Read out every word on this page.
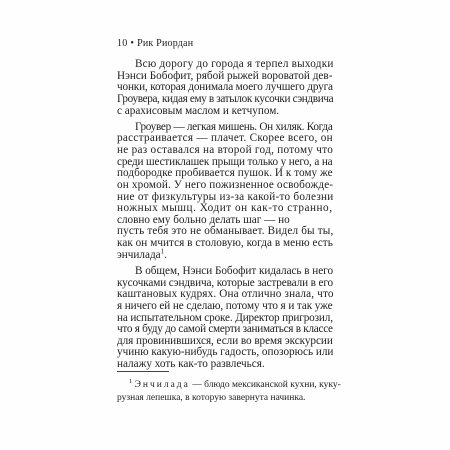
10 • Рик Риордан
Всю дорогу до города я терпел выходки
Нэнси Бобофит, рябой рыжей вороватой дев-
чонки, которая донимала моего лучшего друга
Гроувера, кидая ему в затылок кусочки сэндвича
с арахисовым маслом и кетчупом.
Гроувер — легкая мишень. Он хиляк. Когда
расстраивается — плачет. Скорее всего, он
не раз оставался на второй год, потому что
среди шестиклашек прыщи только у него, а на
подбородке пробивается пушок. И к тому же
он хромой. У него пожизненное освобожде-
ние от физкультуры из-за какой-то болезни
ножных мышц. Ходит он как-то странно,
словно ему больно делать шаг — но
пусть тебя это не обманывает. Видел бы ты,
как он мчится в столовую, когда в меню есть
энчилада$^1$.
В общем, Нэнси Бобофит кидалась в него
кусочками сэндвича, которые застревали в его
каштановых кудрях. Она отлично знала, что
я ничего ей не сделаю, потому что я и так уже
на испытательном сроке. Директор пригрозил,
что я буду до самой смерти заниматься в классе
для провинившихся, если во время экскурсии
учиню какую-нибудь гадость, опозорюсь или
налажу хоть как-то развлечься.
$^1$ Энчилада — блюдо мексиканской кухни, куку-
рузная лепешка, в которую завернута начинка.
